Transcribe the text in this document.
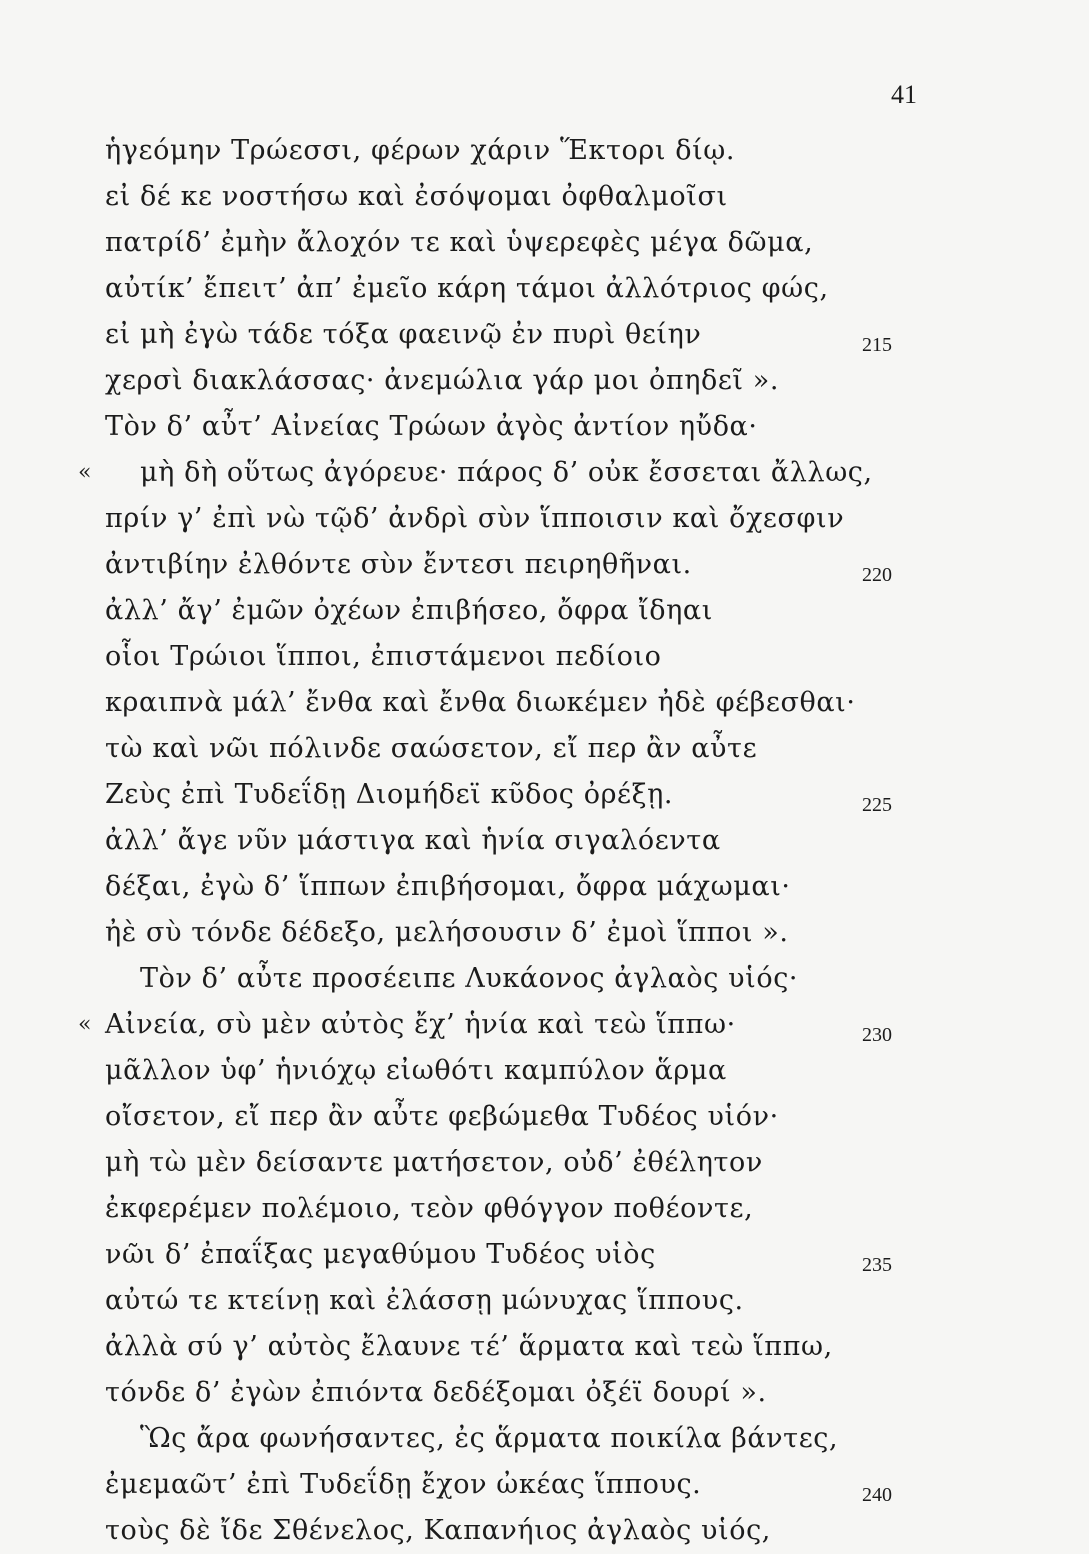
41
ἡγεόμην Τρώεσσι, φέρων χάριν Ἕκτορι δίῳ.
εἰ δέ κε νοστήσω καὶ ἐσόψομαι ὀφθαλμοῖσι
πατρίδ’ ἐμὴν ἄλοχόν τε καὶ ὑψερεφὲς μέγα δῶμα,
αὐτίκ’ ἔπειτ’ ἀπ’ ἐμεῖο κάρη τάμοι ἀλλότριος φώς,
εἰ μὴ ἐγὼ τάδε τόξα φαεινῷ ἐν πυρὶ θείην	215
χερσὶ διακλάσσας· ἀνεμώλια γάρ μοι ὀπηδεῖ ».
Τὸν δ’ αὖτ’ Αἰνείας Τρώων ἀγὸς ἀντίον ηὔδα·
« μὴ δὴ οὕτως ἀγόρευε· πάρος δ’ οὐκ ἔσσεται ἄλλως,
πρίν γ’ ἐπὶ νὼ τῷδ’ ἀνδρὶ σὺν ἵπποισιν καὶ ὄχεσφιν
ἀντιβίην ἐλθόντε σὺν ἔντεσι πειρηθῆναι.	220
ἀλλ’ ἄγ’ ἐμῶν ὀχέων ἐπιβήσεο, ὄφρα ἴδηαι
οἷοι Τρώιοι ἵπποι, ἐπιστάμενοι πεδίοιο
κραιπνὰ μάλ’ ἔνθα καὶ ἔνθα διωκέμεν ἠδὲ φέβεσθαι·
τὼ καὶ νῶι πόλινδε σαώσετον, εἴ περ ἂν αὖτε
Ζεὺς ἐπὶ Τυδεΐδῃ Διομήδεϊ κῦδος ὀρέξῃ.	225
ἀλλ’ ἄγε νῦν μάστιγα καὶ ἡνία σιγαλόεντα
δέξαι, ἐγὼ δ’ ἵππων ἐπιβήσομαι, ὄφρα μάχωμαι·
ἠὲ σὺ τόνδε δέδεξο, μελήσουσιν δ’ ἐμοὶ ἵπποι ».
Τὸν δ’ αὖτε προσέειπε Λυκάονος ἀγλαὸς υἱός·
« Αἰνεία, σὺ μὲν αὐτὸς ἔχ’ ἡνία καὶ τεὼ ἵππω·	230
μᾶλλον ὑφ’ ἡνιόχῳ εἰωθότι καμπύλον ἅρμα
οἴσετον, εἴ περ ἂν αὖτε φεβώμεθα Τυδέος υἱόν·
μὴ τὼ μὲν δείσαντε ματήσετον, οὐδ’ ἐθέλητον
ἐκφερέμεν πολέμοιο, τεὸν φθόγγον ποθέοντε,
νῶι δ’ ἐπαΐξας μεγαθύμου Τυδέος υἱὸς	235
αὐτώ τε κτείνῃ καὶ ἐλάσσῃ μώνυχας ἵππους.
ἀλλὰ σύ γ’ αὐτὸς ἔλαυνε τέ’ ἅρματα καὶ τεὼ ἵππω,
τόνδε δ’ ἐγὼν ἐπιόντα δεδέξομαι ὀξέϊ δουρί ».
Ὣς ἄρα φωνήσαντες, ἐς ἅρματα ποικίλα βάντες,
ἐμεμαῶτ’ ἐπὶ Τυδεΐδῃ ἔχον ὠκέας ἵππους.	240
τοὺς δὲ ἴδε Σθένελος, Καπανήιος ἀγλαὸς υἱός,
